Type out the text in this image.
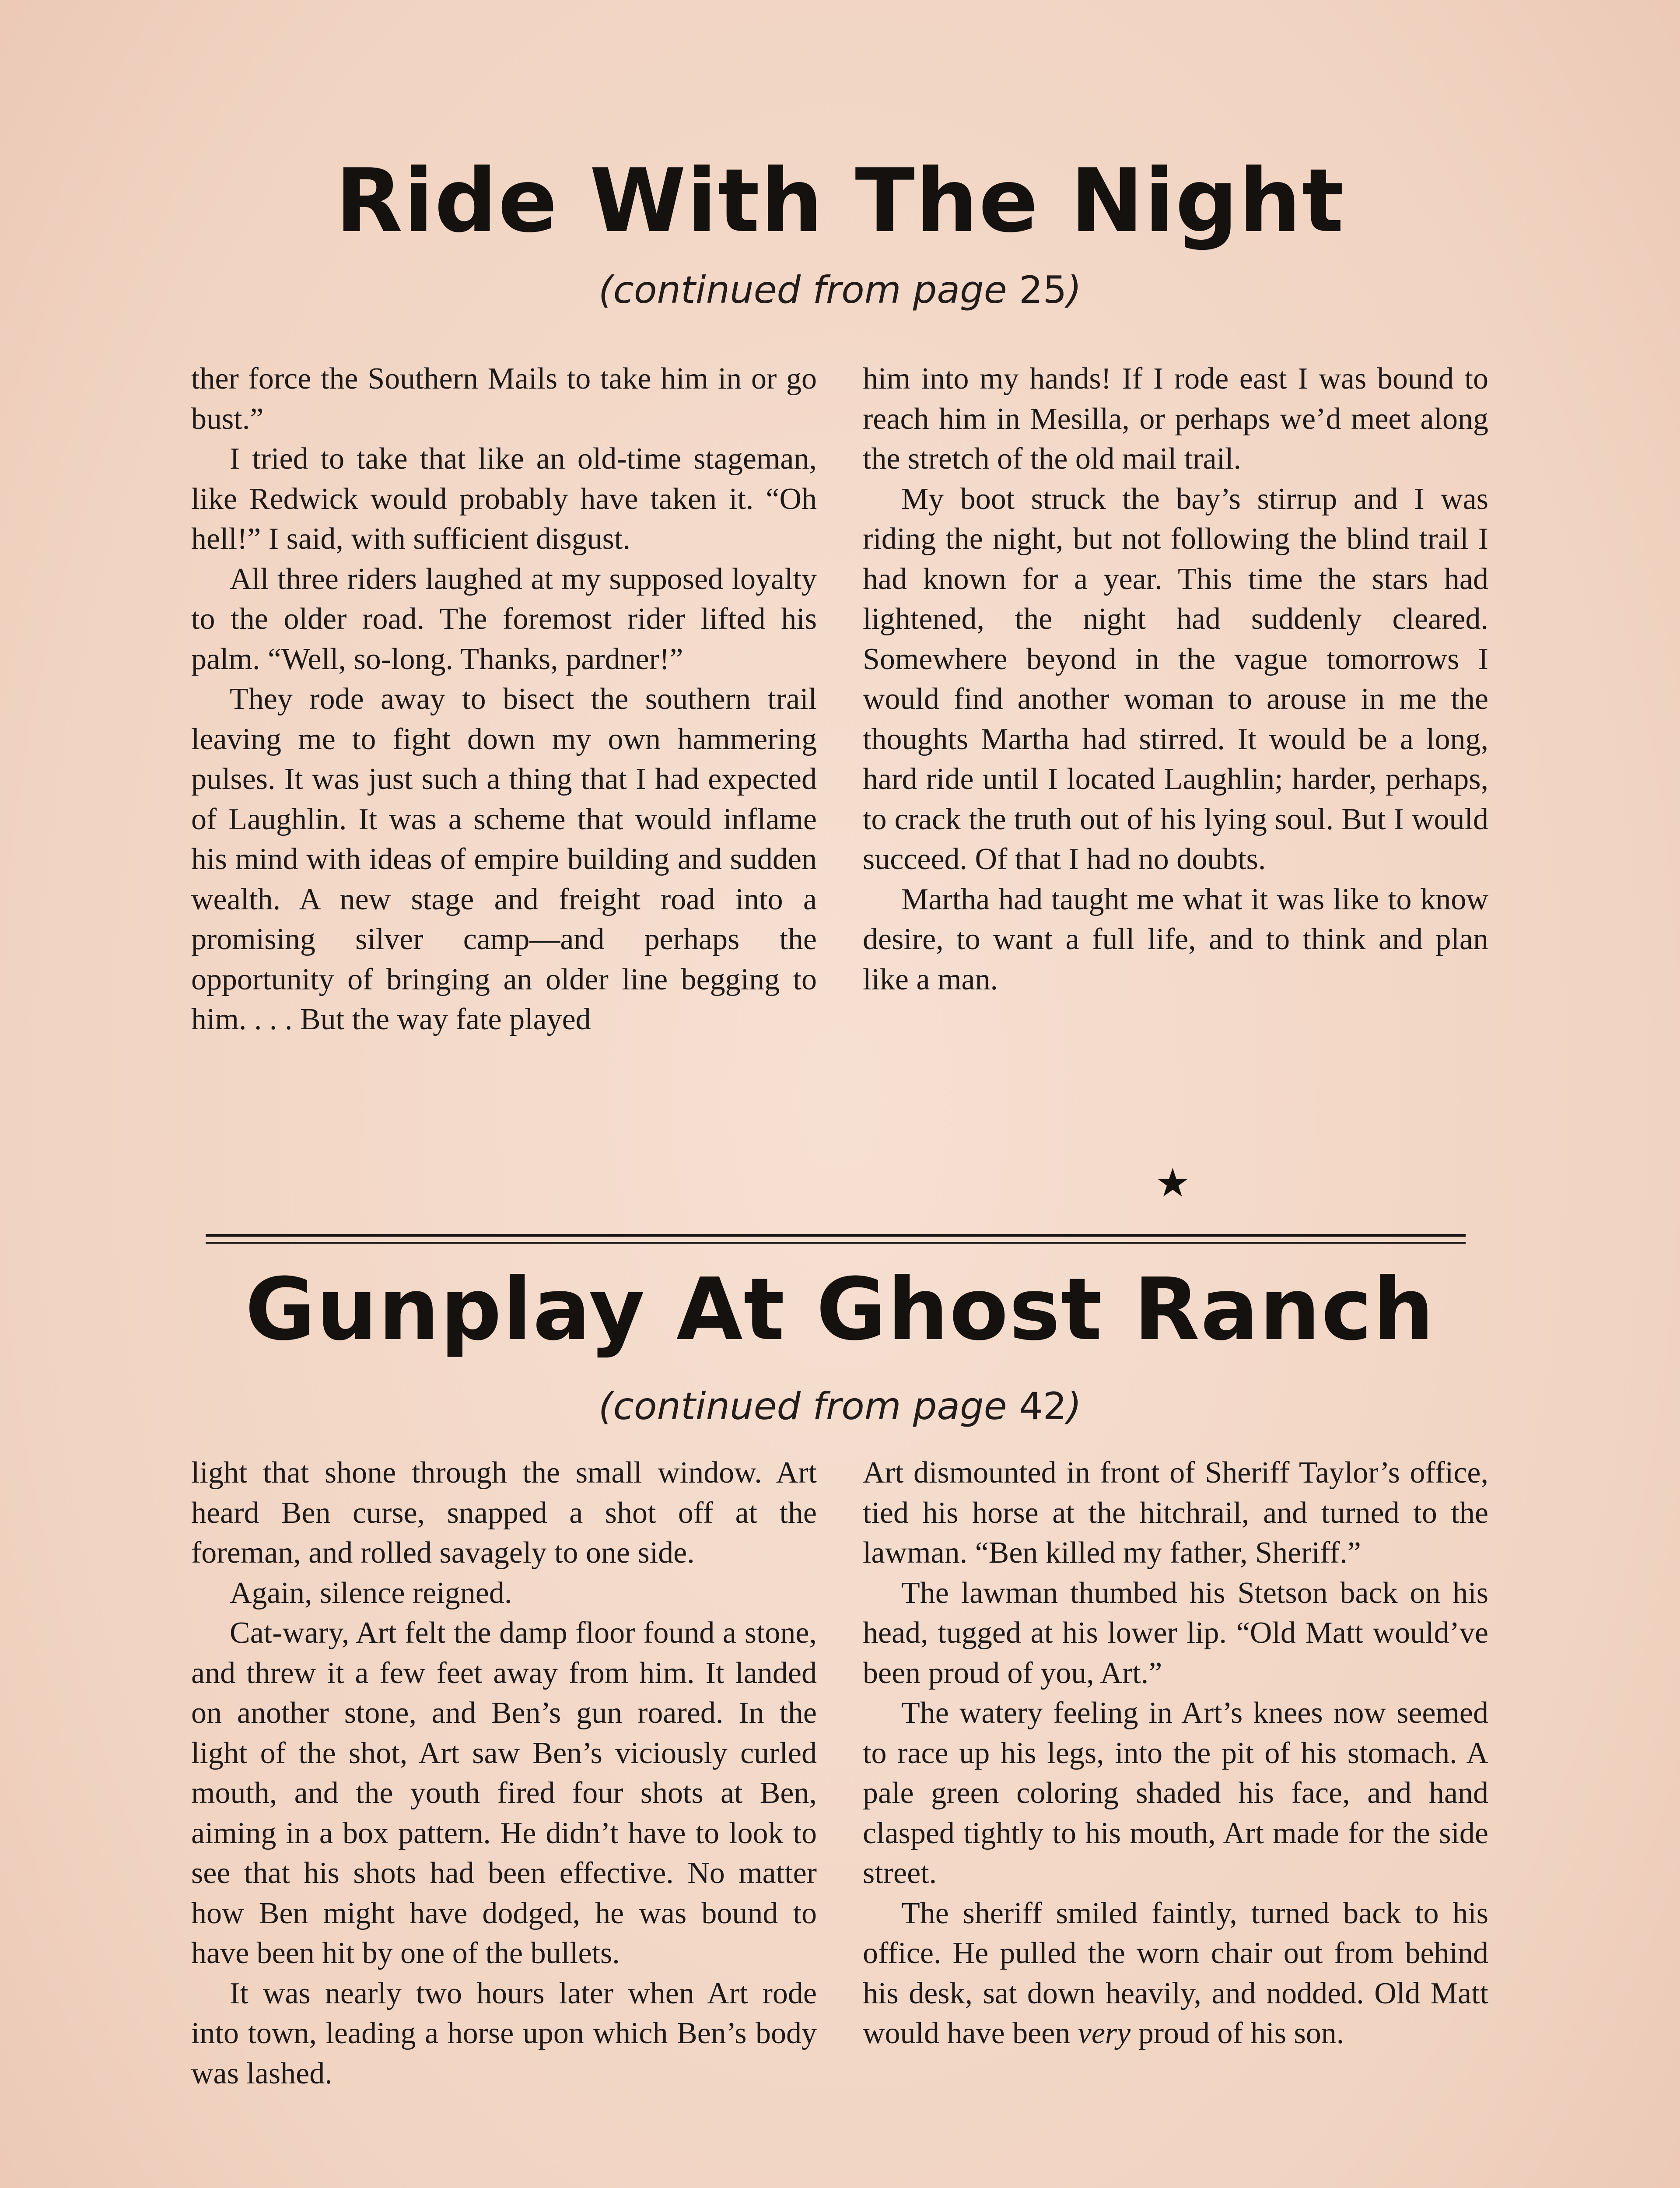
Ride With The Night

(continued from page 25)

ther force the Southern Mails to take him in or go bust.”

I tried to take that like an old-time stageman, like Redwick would probably have taken it. “Oh hell!” I said, with sufficient disgust.

All three riders laughed at my supposed loyalty to the older road. The foremost rider lifted his palm. “Well, so-long. Thanks, pardner!”

They rode away to bisect the southern trail leaving me to fight down my own hammering pulses. It was just such a thing that I had expected of Laughlin. It was a scheme that would inflame his mind with ideas of empire building and sudden wealth. A new stage and freight road into a promising silver camp—and perhaps the opportunity of bringing an older line begging to him. . . . But the way fate played

him into my hands! If I rode east I was bound to reach him in Mesilla, or perhaps we’d meet along the stretch of the old mail trail.

My boot struck the bay’s stirrup and I was riding the night, but not following the blind trail I had known for a year. This time the stars had lightened, the night had suddenly cleared. Somewhere beyond in the vague tomorrows I would find another woman to arouse in me the thoughts Martha had stirred. It would be a long, hard ride until I located Laughlin; harder, perhaps, to crack the truth out of his lying soul. But I would succeed. Of that I had no doubts.

Martha had taught me what it was like to know desire, to want a full life, and to think and plan like a man.

★
Gunplay At Ghost Ranch

(continued from page 42)

light that shone through the small window. Art heard Ben curse, snapped a shot off at the foreman, and rolled savagely to one side.

Again, silence reigned.

Cat-wary, Art felt the damp floor found a stone, and threw it a few feet away from him. It landed on another stone, and Ben’s gun roared. In the light of the shot, Art saw Ben’s viciously curled mouth, and the youth fired four shots at Ben, aiming in a box pattern. He didn’t have to look to see that his shots had been effective. No matter how Ben might have dodged, he was bound to have been hit by one of the bullets.

It was nearly two hours later when Art rode into town, leading a horse upon which Ben’s body was lashed.

Art dismounted in front of Sheriff Taylor’s office, tied his horse at the hitchrail, and turned to the lawman. “Ben killed my father, Sheriff.”

The lawman thumbed his Stetson back on his head, tugged at his lower lip. “Old Matt would’ve been proud of you, Art.”

The watery feeling in Art’s knees now seemed to race up his legs, into the pit of his stomach. A pale green coloring shaded his face, and hand clasped tightly to his mouth, Art made for the side street.

The sheriff smiled faintly, turned back to his office. He pulled the worn chair out from behind his desk, sat down heavily, and nodded. Old Matt would have been very proud of his son.
